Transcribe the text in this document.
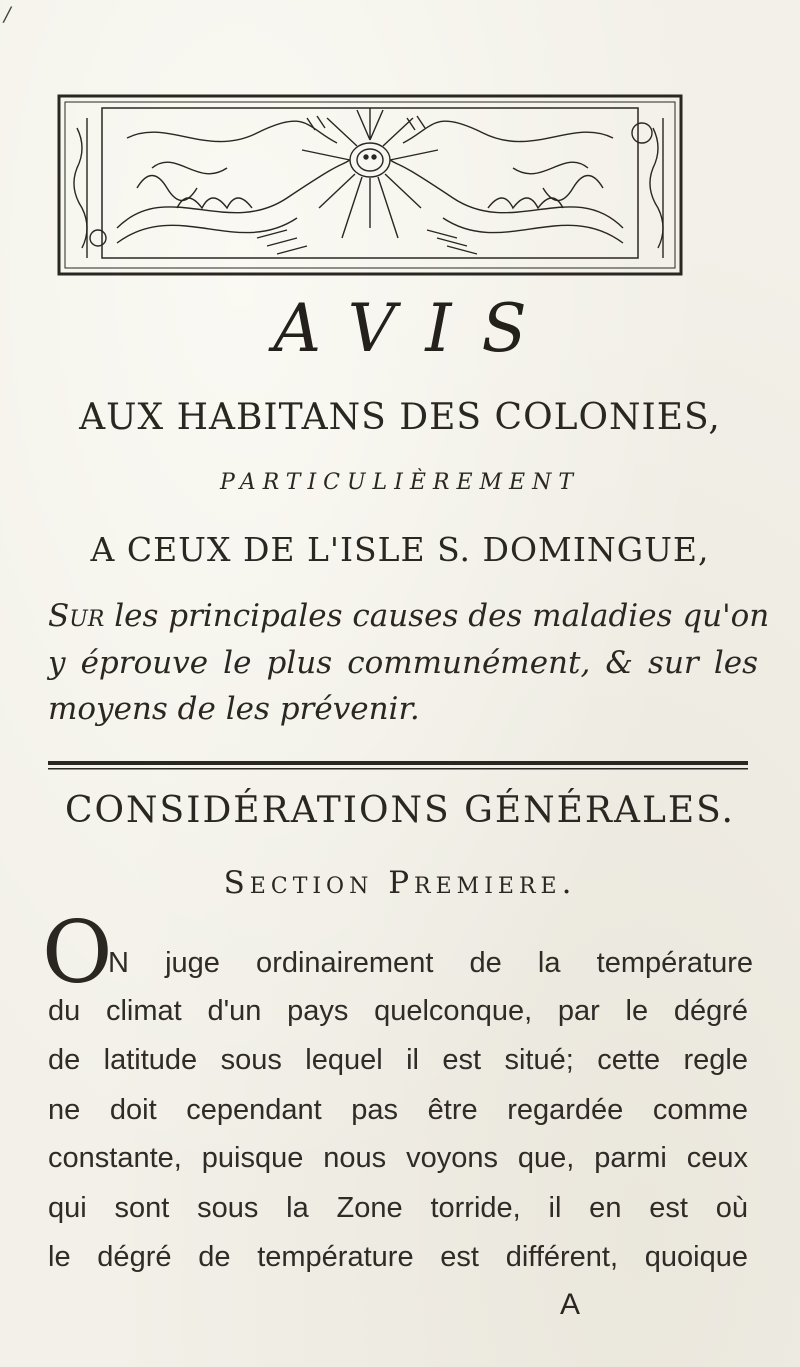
/
AVIS
AUX HABITANS DES COLONIES,
PARTICULIÈREMENT
A CEUX DE L'ISLE S. DOMINGUE,
Sur les principales causes des maladies qu'on
y éprouve le plus communément, & sur les
moyens de les prévenir.
CONSIDÉRATIONS GÉNÉRALES.
Section Premiere.
O
N juge ordinairement de la température
du climat d'un pays quelconque, par le dégré
de latitude sous lequel il est situé; cette regle
ne doit cependant pas être regardée comme
constante, puisque nous voyons que, parmi ceux
qui sont sous la Zone torride, il en est où
le dégré de température est différent, quoique
A
